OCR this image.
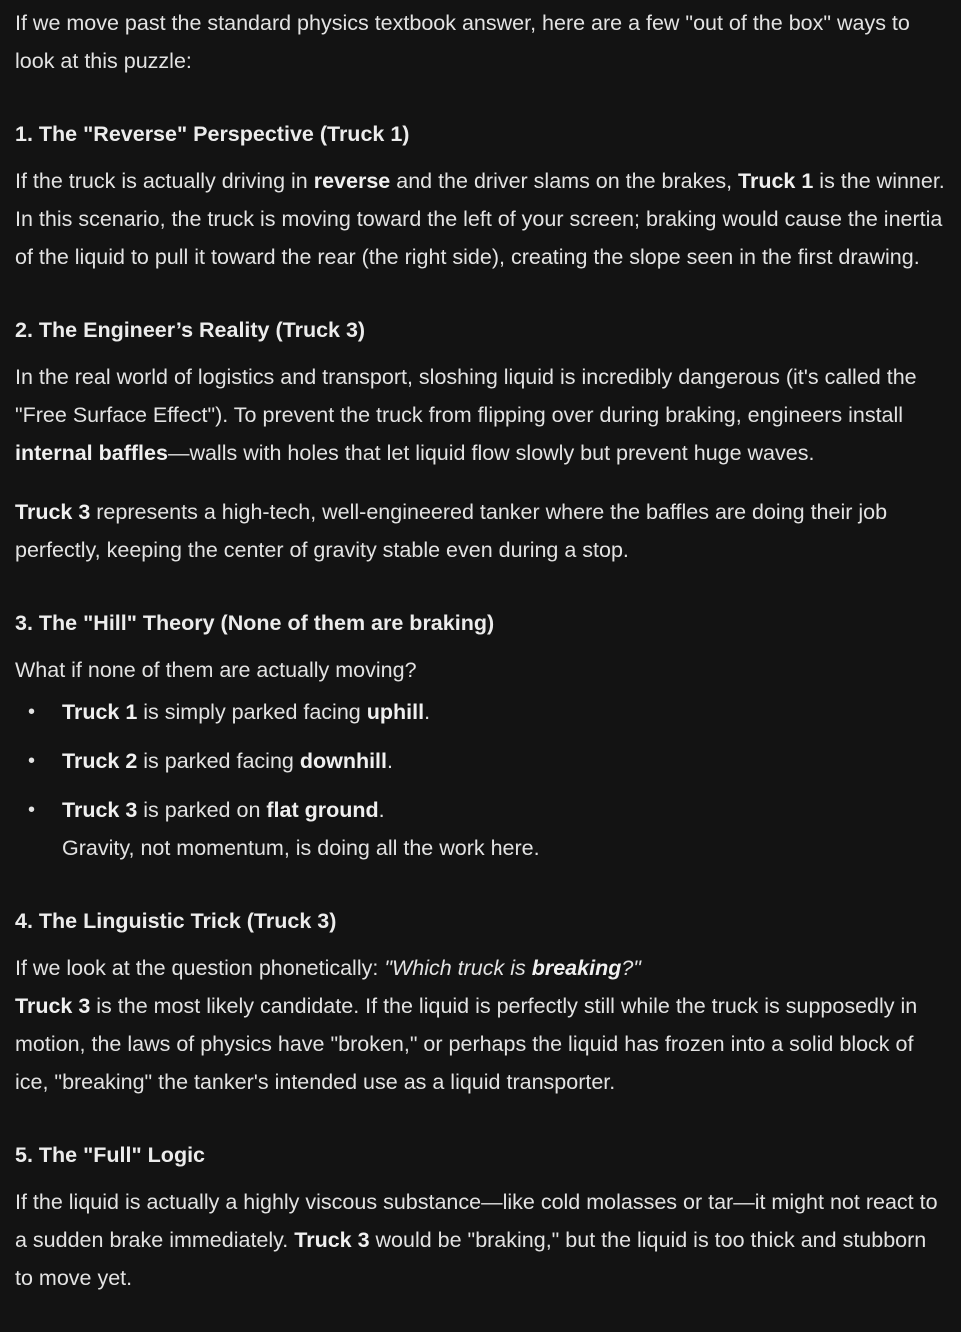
If we move past the standard physics textbook answer, here are a few "out of the box" ways to look at this puzzle:

1. The "Reverse" Perspective (Truck 1)

If the truck is actually driving in reverse and the driver slams on the brakes, Truck 1 is the winner. In this scenario, the truck is moving toward the left of your screen; braking would cause the inertia of the liquid to pull it toward the rear (the right side), creating the slope seen in the first drawing.

2. The Engineer’s Reality (Truck 3)

In the real world of logistics and transport, sloshing liquid is incredibly dangerous (it's called the "Free Surface Effect"). To prevent the truck from flipping over during braking, engineers install internal baffles—walls with holes that let liquid flow slowly but prevent huge waves.

Truck 3 represents a high-tech, well-engineered tanker where the baffles are doing their job perfectly, keeping the center of gravity stable even during a stop.

3. The "Hill" Theory (None of them are braking)

What if none of them are actually moving?

• Truck 1 is simply parked facing uphill.
• Truck 2 is parked facing downhill.
• Truck 3 is parked on flat ground.

Gravity, not momentum, is doing all the work here.

4. The Linguistic Trick (Truck 3)

If we look at the question phonetically: "Which truck is breaking?"

Truck 3 is the most likely candidate. If the liquid is perfectly still while the truck is supposedly in motion, the laws of physics have "broken," or perhaps the liquid has frozen into a solid block of ice, "breaking" the tanker's intended use as a liquid transporter.

5. The "Full" Logic

If the liquid is actually a highly viscous substance—like cold molasses or tar—it might not react to a sudden brake immediately. Truck 3 would be "braking," but the liquid is too thick and stubborn to move yet.
